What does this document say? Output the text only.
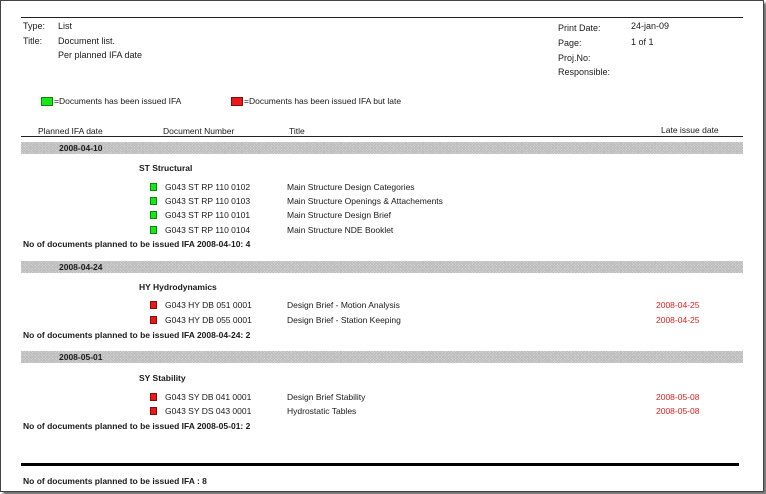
Type: List
Title: Document list.
Per planned IFA date
Print Date:	24-jan-09
Page:	1 of 1
Proj.No:
Responsible:
=Documents has been issued IFA	=Documents has been issued IFA but late
Planned IFA date	Document Number	Title	Late issue date
2008-04-10
ST Structural
G043 ST RP 110 0102	Main Structure Design Categories
G043 ST RP 110 0103	Main Structure Openings & Attachements
G043 ST RP 110 0101	Main Structure Design Brief
G043 ST RP 110 0104	Main Structure NDE Booklet
No of documents planned to be issued IFA 2008-04-10: 4
2008-04-24
HY Hydrodynamics
G043 HY DB 051 0001	Design Brief - Motion Analysis	2008-04-25
G043 HY DB 055 0001	Design Brief - Station Keeping	2008-04-25
No of documents planned to be issued IFA 2008-04-24: 2
2008-05-01
SY Stability
G043 SY DB 041 0001	Design Brief Stability	2008-05-08
G043 SY DS 043 0001	Hydrostatic Tables	2008-05-08
No of documents planned to be issued IFA 2008-05-01: 2
No of documents planned to be issued IFA : 8
